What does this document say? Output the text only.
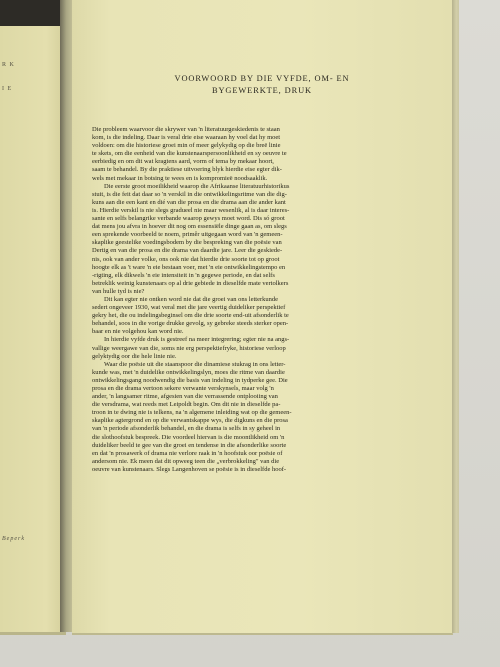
R K
I E
Beperk
VOORWOORD BY DIE VYFDE, OM- EN
BYGEWERKTE, DRUK
Die probleem waarvoor die skrywer van 'n literatuurgeskiedenis te staan
kom, is die indeling. Daar is veral drie eise waaraan hy voel dat hy moet
voldoen: om die historiese groei min of meer gelykydig op die breë linie
te skets, om die eenheid van die kunstenaarspersoonlikheid en sy oeuvre te
eerbiedig en om dit wat kragtens aard, vorm of tema by mekaar hoort,
saam te behandel. By die praktiese uitvoering blyk hierdie eise egter dik-
wels met mekaar in botsing te wees en is kompromieë noodsaaklik.
Die eerste groot moeilikheid waarop die Afrikaanse literatuurhistorikus
stuit, is die feit dat daar so 'n verskil in die ontwikkelingsritme van die dig-
kuns aan die een kant en dié van die prosa en die drama aan die ander kant
is. Hierdie verskil is nie slegs gradueel nie maar wesenlik, al is daar interes-
sante en selfs belangrike verbande waarop gewys moet word. Dis só groot
dat mens jou afvra in hoever dit nog om essensiële dinge gaan as, om slegs
een sprekende voorbeeld te noem, primêr uitgegaan word van 'n gemeen-
skaplike geestelike voedingsbodem by die bespreking van die poësie van
Dertig en van die prosa en die drama van daardie jare. Leer die geskiede-
nis, ook van ander volke, ons ook nie dat hierdie drie soorte tot op groot
hoogte elk as 't ware 'n eie bestaan voer, met 'n eie ontwikkelingstempo en
-rigting, elk dikwels 'n eie intensiteit in 'n gegewe periode, en dat selfs
betreklik weinig kunstenaars op al drie gebiede in dieselfde mate vertolkers
van hulle tyd is nie?
Dit kan egter nie ontken word nie dat die groei van ons letterkunde
sedert ongeveer 1930, wat veral met die jare veertig duideliker perspektief
gekry het, die ou indelingsbeginsel om die drie soorte end-uit afsonderlik te
behandel, soos in die vorige drukke gevolg, sy gebreke steeds sterker open-
baar en nie volgehou kan word nie.
In hierdie vyfde druk is gestreef na meer integrering; egter nie na angs-
vallige weergawe van die, soms nie erg perspektiefryke, historiese verloop
gelyktydig oor die hele linie nie.
Waar die poësie uit die staanspoor die dinamiese stukrag in ons letter-
kunde was, met 'n duidelike ontwikkelingslyn, moes die ritme van daardie
ontwikkelingsgang noodwendig die basis van indeling in tydperke gee. Die
prosa en die drama vertoon sekere verwante verskynsels, maar volg 'n
ander, 'n langsamer ritme, afgesien van die verrassende ontplooiing van
die versdrama, wat reeds met Leipoldt begin. Om dit nie in dieselfde pa-
troon in te dwing nie is telkens, na 'n algemene inleiding wat op die gemeen-
skaplike agtergrond en op die verwantskappe wys, die digkuns en die prosa
van 'n periode afsonderlik behandel, en die drama is selfs in sy geheel in
die slothoofstuk bespreek. Die voordeel hiervan is die moontlikheid om 'n
duideliker beeld te gee van die groei en tendense in die afsonderlike soorte
en dat 'n prosawerk of drama nie verlore raak in 'n hoofstuk oor poësie of
andersom nie. Ek meen dat dit opweeg teen die „verbrokkeling" van die
oeuvre van kunstenaars. Slegs Langenhoven se poësie is in dieselfde hoof-
